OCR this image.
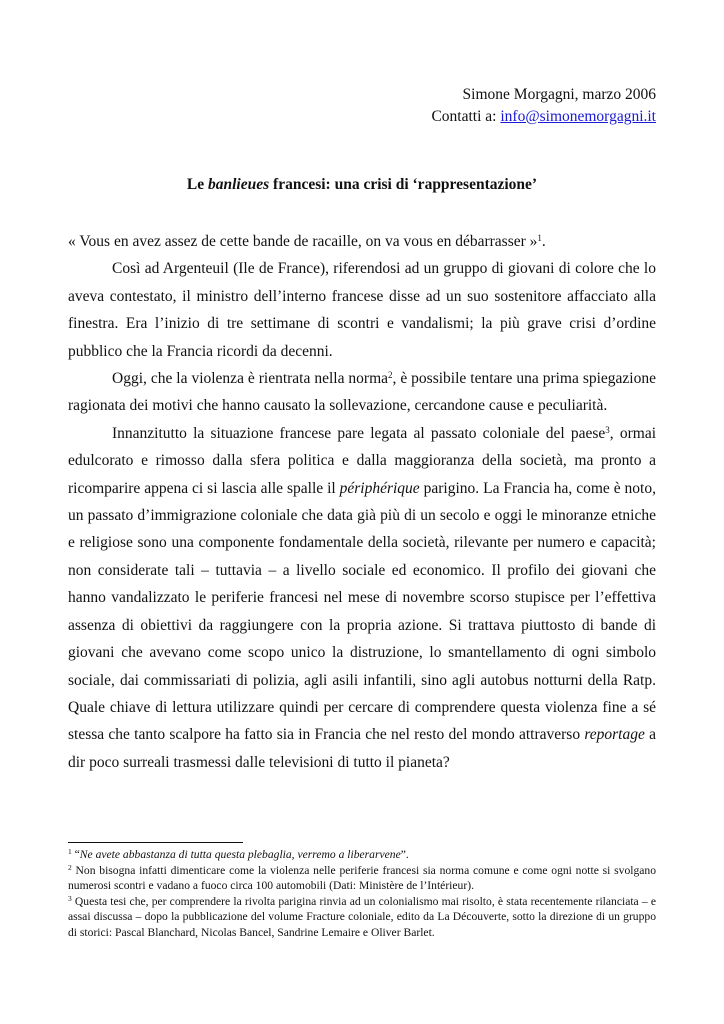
Simone Morgagni, marzo 2006
Contatti a: info@simonemorgagni.it
Le banlieues francesi: una crisi di ‘rappresentazione’

« Vous en avez assez de cette bande de racaille, on va vous en débarrasser »$^1$.

Così ad Argenteuil (Ile de France), riferendosi ad un gruppo di giovani di colore che lo aveva contestato, il ministro dell’interno francese disse ad un suo sostenitore affacciato alla finestra. Era l’inizio di tre settimane di scontri e vandalismi; la più grave crisi d’ordine pubblico che la Francia ricordi da decenni.

Oggi, che la violenza è rientrata nella norma$^2$, è possibile tentare una prima spiegazione ragionata dei motivi che hanno causato la sollevazione, cercandone cause e peculiarità.

Innanzitutto la situazione francese pare legata al passato coloniale del paese$^3$, ormai edulcorato e rimosso dalla sfera politica e dalla maggioranza della società, ma pronto a ricomparire appena ci si lascia alle spalle il périphérique parigino. La Francia ha, come è noto, un passato d’immigrazione coloniale che data già più di un secolo e oggi le minoranze etniche e religiose sono una componente fondamentale della società, rilevante per numero e capacità; non considerate tali – tuttavia – a livello sociale ed economico. Il profilo dei giovani che hanno vandalizzato le periferie francesi nel mese di novembre scorso stupisce per l’effettiva assenza di obiettivi da raggiungere con la propria azione. Si trattava piuttosto di bande di giovani che avevano come scopo unico la distruzione, lo smantellamento di ogni simbolo sociale, dai commissariati di polizia, agli asili infantili, sino agli autobus notturni della Ratp. Quale chiave di lettura utilizzare quindi per cercare di comprendere questa violenza fine a sé stessa che tanto scalpore ha fatto sia in Francia che nel resto del mondo attraverso reportage a dir poco surreali trasmessi dalle televisioni di tutto il pianeta?

$^1$ “Ne avete abbastanza di tutta questa plebaglia, verremo a liberarvene”.

$^2$ Non bisogna infatti dimenticare come la violenza nelle periferie francesi sia norma comune e come ogni notte si svolgano numerosi scontri e vadano a fuoco circa 100 automobili (Dati: Ministère de l’Intérieur).

$^3$ Questa tesi che, per comprendere la rivolta parigina rinvia ad un colonialismo mai risolto, è stata recentemente rilanciata – e assai discussa – dopo la pubblicazione del volume Fracture coloniale, edito da La Découverte, sotto la direzione di un gruppo di storici: Pascal Blanchard, Nicolas Bancel, Sandrine Lemaire e Oliver Barlet.
